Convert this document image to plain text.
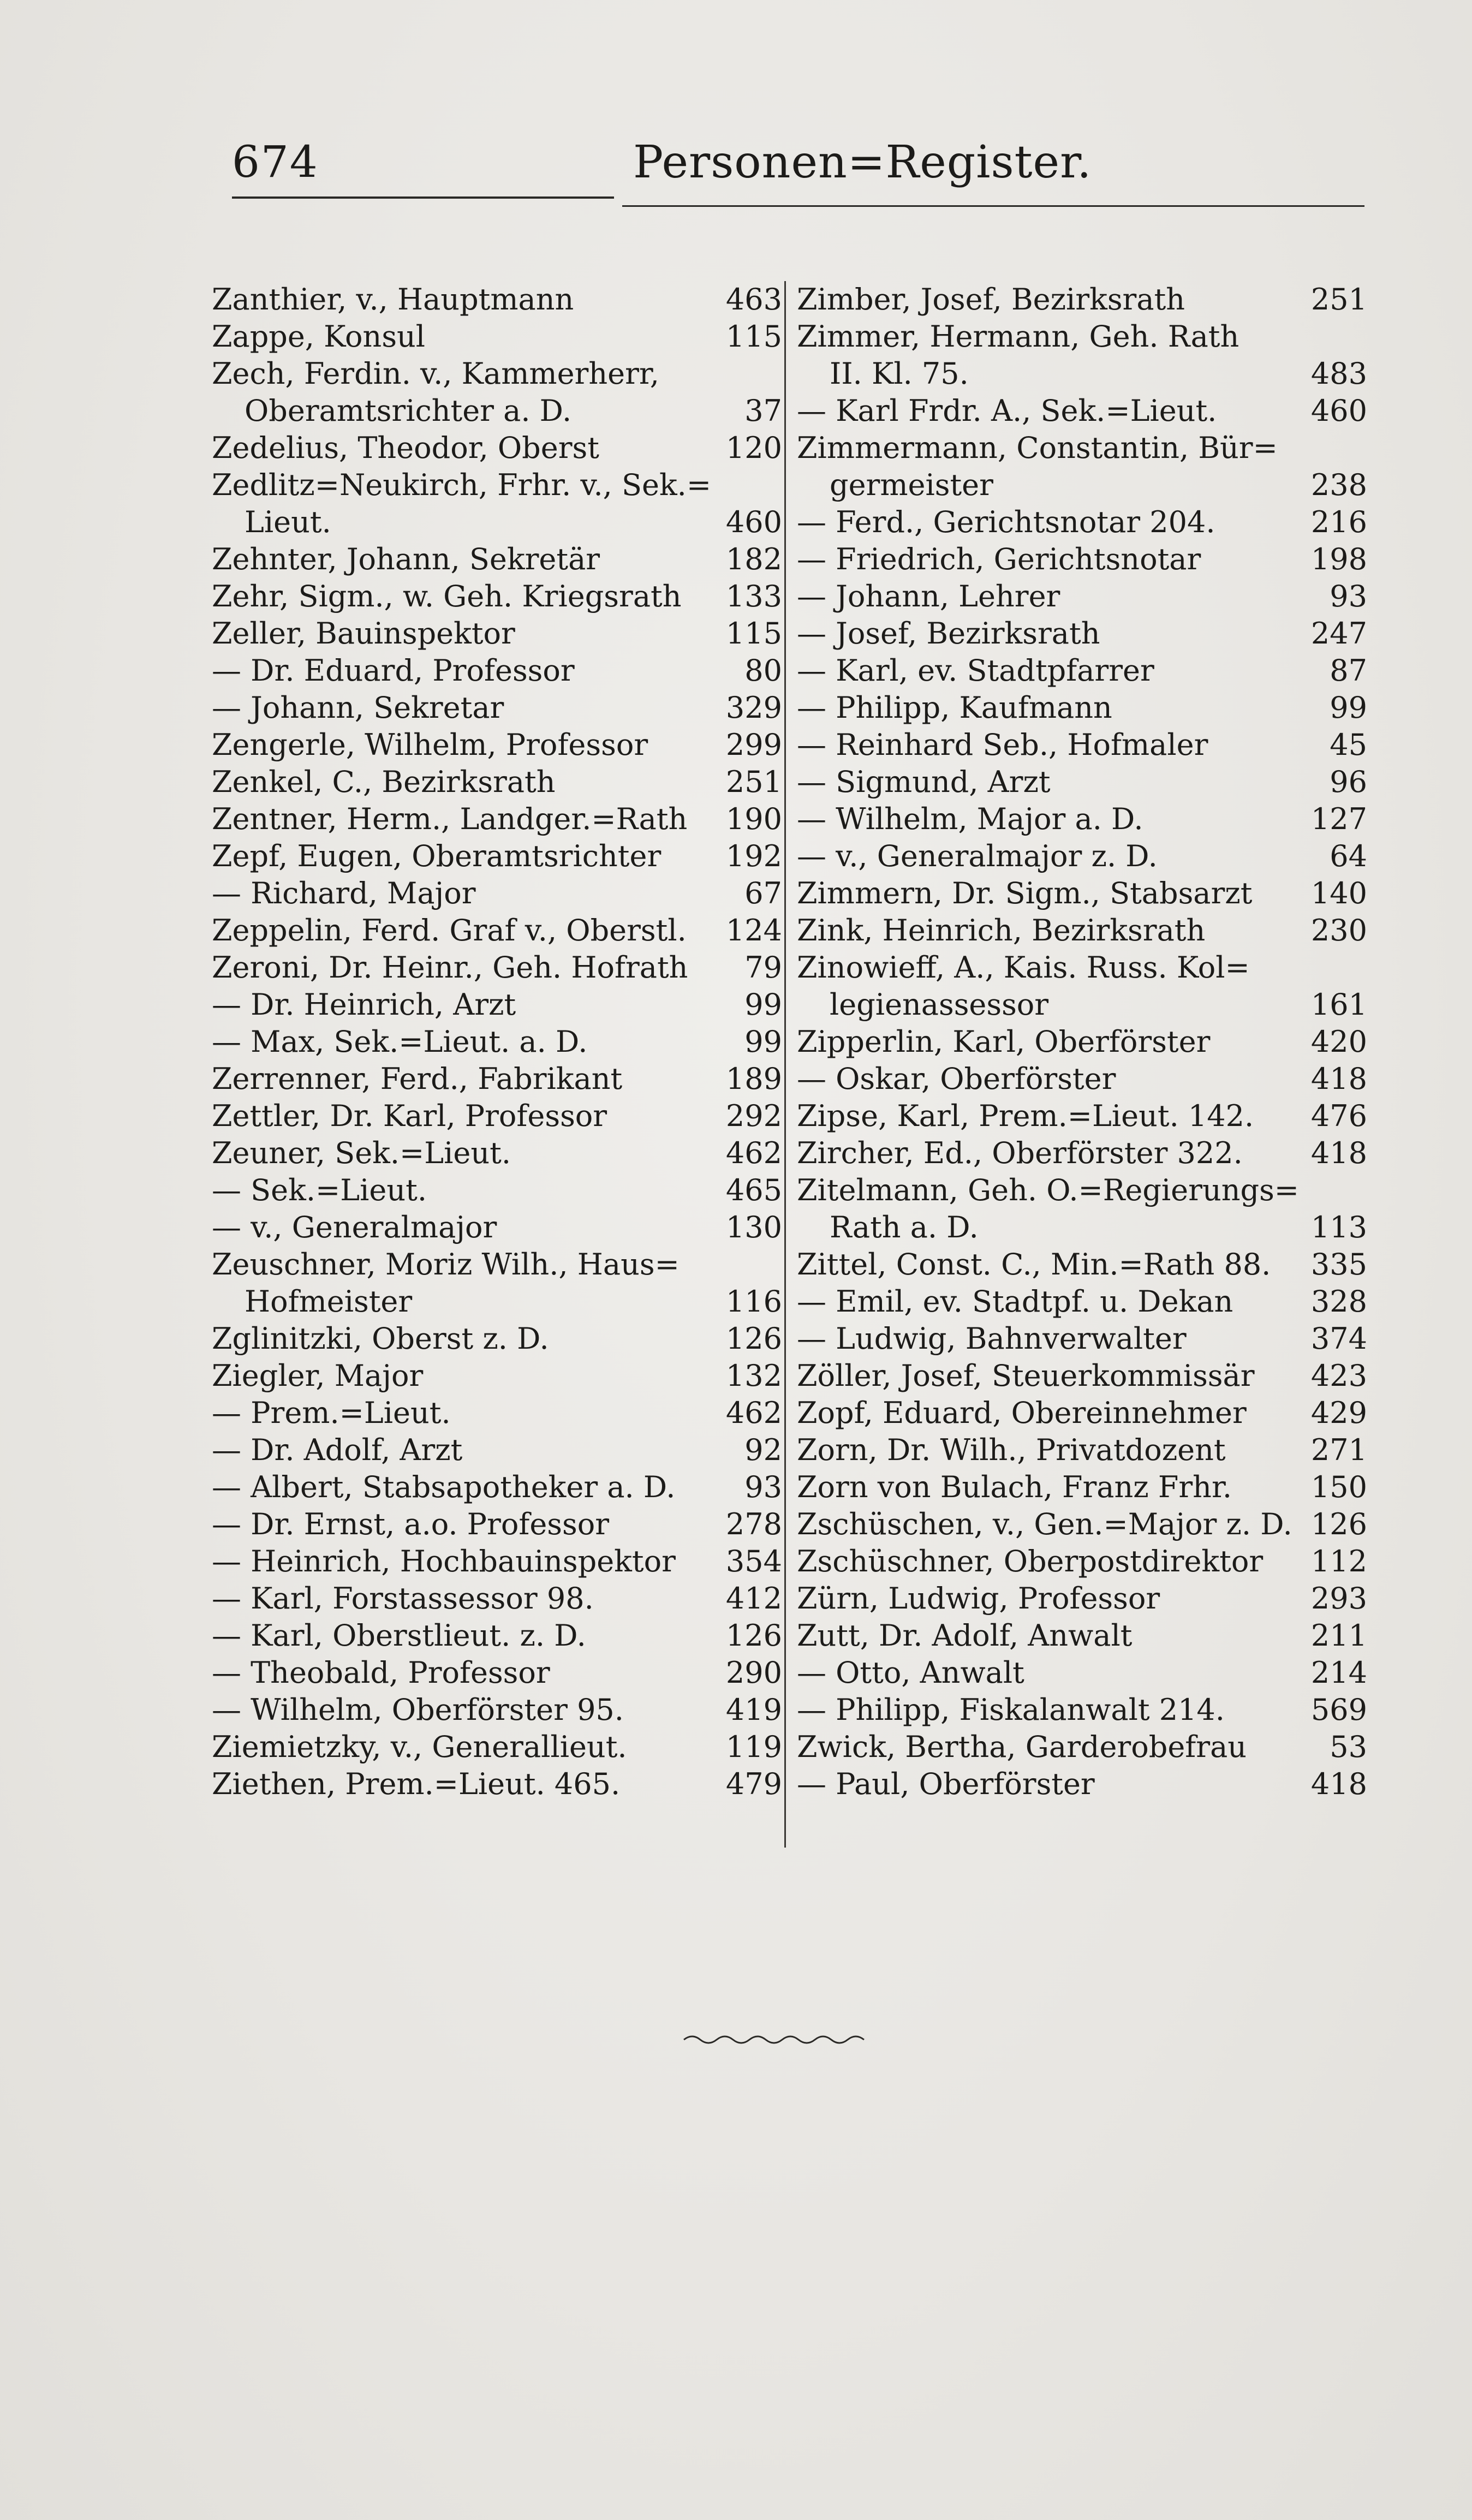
674	Personen=Register.
Zanthier, v., Hauptmann	463
Zappe, Konsul	115
Zech, Ferdin. v., Kammerherr,
Oberamtsrichter a. D.	37
Zedelius, Theodor, Oberst	120
Zedlitz=Neukirch, Frhr. v., Sek.=
Lieut.	460
Zehnter, Johann, Sekretär	182
Zehr, Sigm., w. Geh. Kriegsrath 133
Zeller, Bauinspektor	115
— Dr. Eduard, Professor	80
— Johann, Sekretar	329
Zengerle, Wilhelm, Professor	299
Zenkel, C., Bezirksrath	251
Zentner, Herm., Landger.=Rath 190
Zepf, Eugen, Oberamtsrichter 192
— Richard, Major	67
Zeppelin, Ferd. Graf v., Oberstl. 124
Zeroni, Dr. Heinr., Geh. Hofrath 79
— Dr. Heinrich, Arzt	99
— Max, Sek.=Lieut. a. D.	99
Zerrenner, Ferd., Fabrikant	189
Zettler, Dr. Karl, Professor	292
Zeuner, Sek.=Lieut.	462
— Sek.=Lieut.	465
— v., Generalmajor	130
Zeuschner, Moriz Wilh., Haus=
Hofmeister	116
Zglinitzki, Oberst z. D.	126
Ziegler, Major	132
— Prem.=Lieut.	462
— Dr. Adolf, Arzt	92
— Albert, Stabsapotheker a. D. 93
— Dr. Ernst, a.o. Professor	278
— Heinrich, Hochbauinspektor 354
— Karl, Forstassessor 98.	412
— Karl, Oberstlieut. z. D.	126
— Theobald, Professor	290
— Wilhelm, Oberförster 95.	419
Ziemietzky, v., Generallieut.	119
Ziethen, Prem.=Lieut. 465.	479
Zimber, Josef, Bezirksrath	251
Zimmer, Hermann, Geh. Rath
II. Kl. 75.	483
— Karl Frdr. A., Sek.=Lieut.	460
Zimmermann, Constantin, Bür=
germeister	238
— Ferd., Gerichtsnotar 204.	216
— Friedrich, Gerichtsnotar	198
— Johann, Lehrer	93
— Josef, Bezirksrath	247
— Karl, ev. Stadtpfarrer	87
— Philipp, Kaufmann	99
— Reinhard Seb., Hofmaler	45
— Sigmund, Arzt	96
— Wilhelm, Major a. D.	127
— v., Generalmajor z. D.	64
Zimmern, Dr. Sigm., Stabsarzt 140
Zink, Heinrich, Bezirksrath	230
Zinowieff, A., Kais. Russ. Kol=
legienassessor	161
Zipperlin, Karl, Oberförster	420
— Oskar, Oberförster	418
Zipse, Karl, Prem.=Lieut. 142. 476
Zircher, Ed., Oberförster 322. 418
Zitelmann, Geh. O.=Regierungs=
Rath a. D.	113
Zittel, Const. C., Min.=Rath 88. 335
— Emil, ev. Stadtpf. u. Dekan	328
— Ludwig, Bahnverwalter	374
Zöller, Josef, Steuerkommissär 423
Zopf, Eduard, Obereinnehmer 429
Zorn, Dr. Wilh., Privatdozent	271
Zorn von Bulach, Franz Frhr.	150
Zschüschen, v., Gen.=Major z. D. 126
Zschüschner, Oberpostdirektor 112
Zürn, Ludwig, Professor	293
Zutt, Dr. Adolf, Anwalt	211
— Otto, Anwalt	214
— Philipp, Fiskalanwalt 214.	569
Zwick, Bertha, Garderobefrau	53
— Paul, Oberförster	418
